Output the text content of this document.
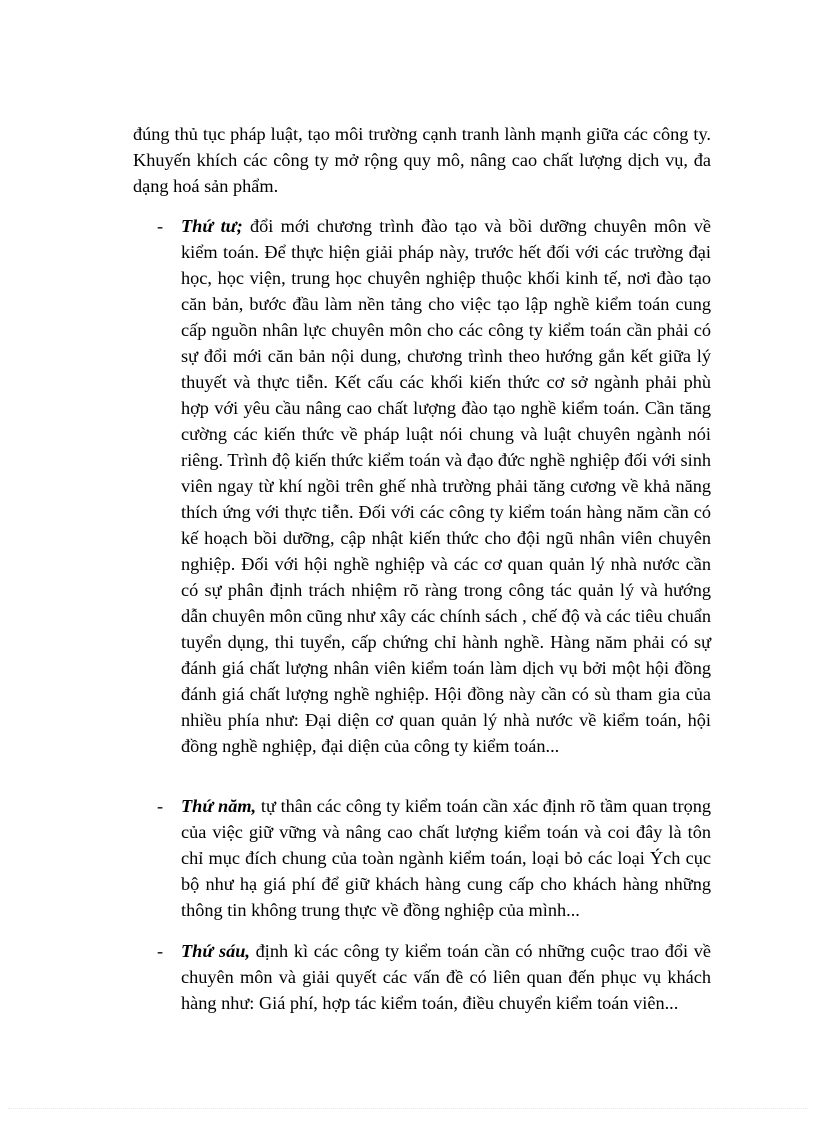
đúng thủ tục pháp luật, tạo môi trường cạnh tranh lành mạnh giữa các công ty. Khuyến khích các công ty mở rộng quy mô, nâng cao chất lượng dịch vụ, đa dạng hoá sản phẩm.

- Thứ tư; đổi mới chương trình đào tạo và bồi dưỡng chuyên môn về kiểm toán. Để thực hiện giải pháp này, trước hết đối với các trường đại học, học viện, trung học chuyên nghiệp thuộc khối kinh tế, nơi đào tạo căn bản, bước đầu làm nền tảng cho việc tạo lập nghề kiểm toán cung cấp nguồn nhân lực chuyên môn cho các công ty kiểm toán cần phải có sự đổi mới căn bản nội dung, chương trình theo hướng gắn kết giữa lý thuyết và thực tiễn. Kết cấu các khối kiến thức cơ sở ngành phải phù hợp với yêu cầu nâng cao chất lượng đào tạo nghề kiểm toán. Cần tăng cường các kiến thức về pháp luật nói chung và luật chuyên ngành nói riêng. Trình độ kiến thức kiểm toán và đạo đức nghề nghiệp đối với sinh viên ngay từ khí ngồi trên ghế nhà trường phải tăng cương về khả năng thích ứng với thực tiễn. Đối với các công ty kiểm toán hàng năm cần có kế hoạch bồi dưỡng, cập nhật kiến thức cho đội ngũ nhân viên chuyên nghiệp. Đối với hội nghề nghiệp và các cơ quan quản lý nhà nước cần có sự phân định trách nhiệm rõ ràng trong công tác quản lý và hướng dẫn chuyên môn cũng như xây các chính sách , chế độ và các tiêu chuẩn tuyển dụng, thi tuyển, cấp chứng chỉ hành nghề. Hàng năm phải có sự đánh giá chất lượng nhân viên kiểm toán làm dịch vụ bởi một hội đồng đánh giá chất lượng nghề nghiệp. Hội đồng này cần có sù tham gia của nhiều phía như: Đại diện cơ quan quản lý nhà nước về kiểm toán, hội đồng nghề nghiệp, đại diện của công ty kiểm toán...
- Thứ năm, tự thân các công ty kiểm toán cần xác định rõ tầm quan trọng của việc giữ vững và nâng cao chất lượng kiểm toán và coi đây là tôn chỉ mục đích chung của toàn ngành kiểm toán, loại bỏ các loại Ých cục bộ như hạ giá phí để giữ khách hàng cung cấp cho khách hàng những thông tin không trung thực về đồng nghiệp của mình...
- Thứ sáu, định kì các công ty kiểm toán cần có những cuộc trao đổi về chuyên môn và giải quyết các vấn đề có liên quan đến phục vụ khách hàng như: Giá phí, hợp tác kiểm toán, điều chuyển kiểm toán viên...
